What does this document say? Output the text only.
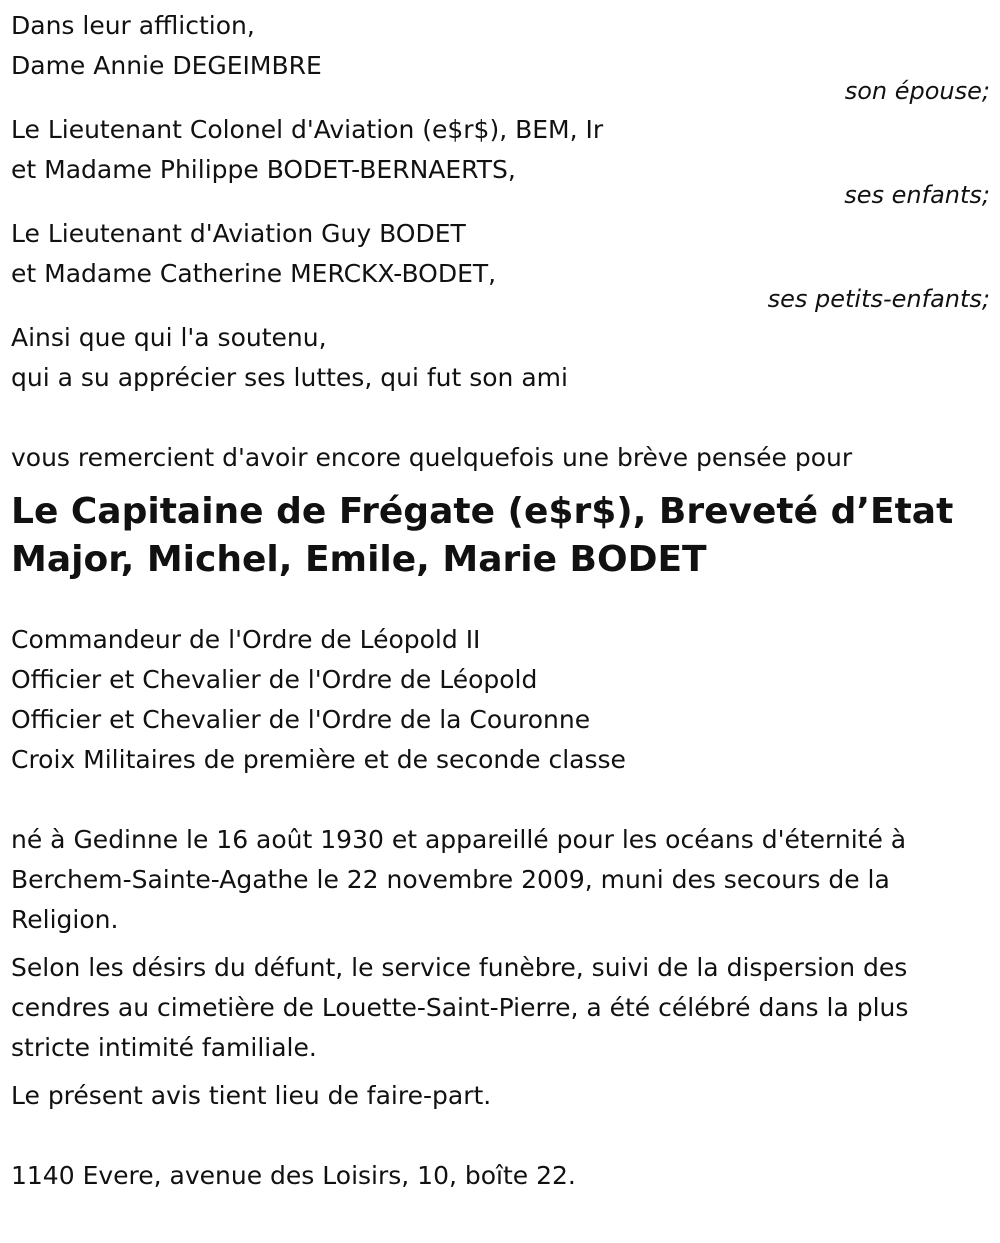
Dans leur affliction,
Dame Annie DEGEIMBRE
son épouse;
Le Lieutenant Colonel d'Aviation (e$r$), BEM, Ir
et Madame Philippe BODET-BERNAERTS,
ses enfants;
Le Lieutenant d'Aviation Guy BODET
et Madame Catherine MERCKX-BODET,
ses petits-enfants;
Ainsi que qui l'a soutenu,
qui a su apprécier ses luttes, qui fut son ami
vous remercient d'avoir encore quelquefois une brève pensée pour
Le Capitaine de Frégate (e$r$), Breveté d’Etat
Major, Michel, Emile, Marie BODET
Commandeur de l'Ordre de Léopold II
Officier et Chevalier de l'Ordre de Léopold
Officier et Chevalier de l'Ordre de la Couronne
Croix Militaires de première et de seconde classe
né à Gedinne le 16 août 1930 et appareillé pour les océans d'éternité à
Berchem-Sainte-Agathe le 22 novembre 2009, muni des secours de la
Religion.
Selon les désirs du défunt, le service funèbre, suivi de la dispersion des
cendres au cimetière de Louette-Saint-Pierre, a été célébré dans la plus
stricte intimité familiale.
Le présent avis tient lieu de faire-part.
1140 Evere, avenue des Loisirs, 10, boîte 22.
